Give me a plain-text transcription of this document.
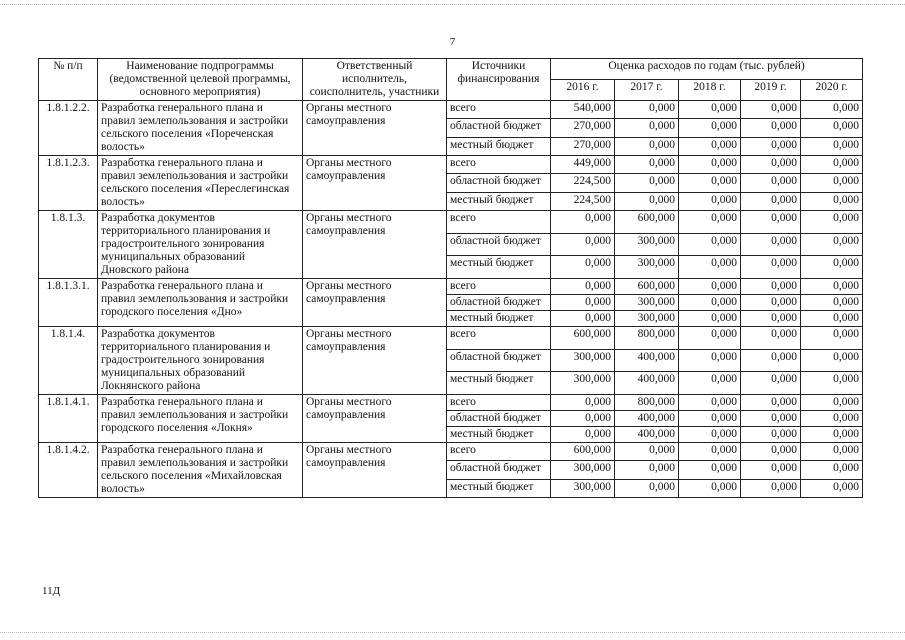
7
№ п/п	Наименование подпрограммы (ведомственной целевой программы, основного мероприятия)	Ответственный исполнитель, соисполнитель, участники	Источники финансирования	Оценка расходов по годам (тыс. рублей)				
				2016 г.	2017 г.	2018 г.	2019 г.	2020 г.
1.8.1.2.2.	Разработка генерального плана и правил землепользования и застройки сельского поселения «Пореченская волость»	Органы местного самоуправления	всего	540,000	0,000	0,000	0,000	0,000
			областной бюджет	270,000	0,000	0,000	0,000	0,000
			местный бюджет	270,000	0,000	0,000	0,000	0,000
1.8.1.2.3.	Разработка генерального плана и правил землепользования и застройки сельского поселения «Переслегинская волость»	Органы местного самоуправления	всего	449,000	0,000	0,000	0,000	0,000
			областной бюджет	224,500	0,000	0,000	0,000	0,000
			местный бюджет	224,500	0,000	0,000	0,000	0,000
1.8.1.3.	Разработка документов территориального планирования и градостроительного зонирования муниципальных образований Дновского района	Органы местного самоуправления	всего	0,000	600,000	0,000	0,000	0,000
			областной бюджет	0,000	300,000	0,000	0,000	0,000
			местный бюджет	0,000	300,000	0,000	0,000	0,000
1.8.1.3.1.	Разработка генерального плана и правил землепользования и застройки городского поселения «Дно»	Органы местного самоуправления	всего	0,000	600,000	0,000	0,000	0,000
			областной бюджет	0,000	300,000	0,000	0,000	0,000
			местный бюджет	0,000	300,000	0,000	0,000	0,000
1.8.1.4.	Разработка документов территориального планирования и градостроительного зонирования муниципальных образований Локнянского района	Органы местного самоуправления	всего	600,000	800,000	0,000	0,000	0,000
			областной бюджет	300,000	400,000	0,000	0,000	0,000
			местный бюджет	300,000	400,000	0,000	0,000	0,000
1.8.1.4.1.	Разработка генерального плана и правил землепользования и застройки городского поселения «Локня»	Органы местного самоуправления	всего	0,000	800,000	0,000	0,000	0,000
			областной бюджет	0,000	400,000	0,000	0,000	0,000
			местный бюджет	0,000	400,000	0,000	0,000	0,000
1.8.1.4.2.	Разработка генерального плана и правил землепользования и застройки сельского поселения «Михайловская волость»	Органы местного самоуправления	всего	600,000	0,000	0,000	0,000	0,000
			областной бюджет	300,000	0,000	0,000	0,000	0,000
			местный бюджет	300,000	0,000	0,000	0,000	0,000
11Д
